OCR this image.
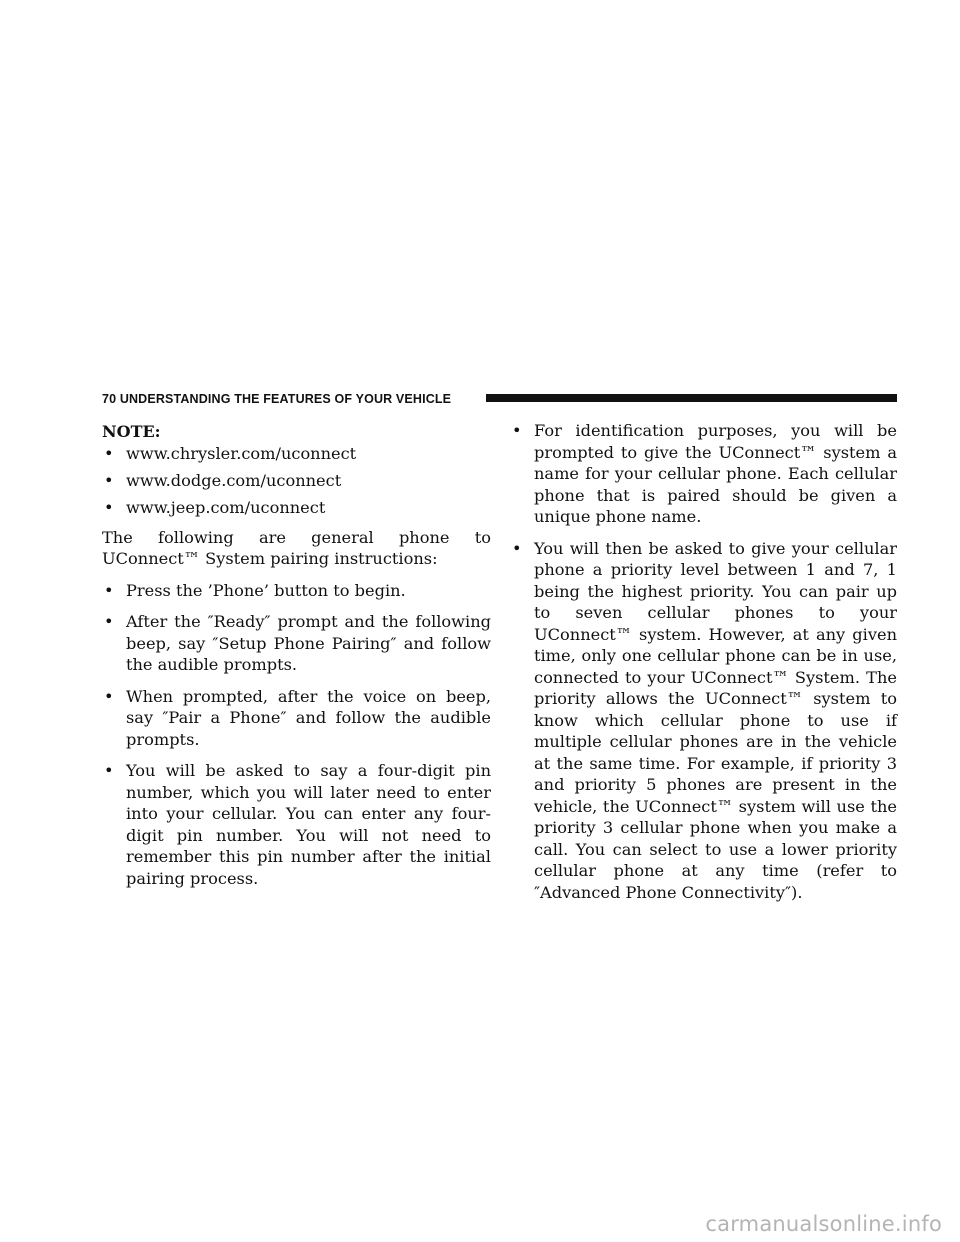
70 UNDERSTANDING THE FEATURES OF YOUR VEHICLE
NOTE:
• www.chrysler.com/uconnect
• www.dodge.com/uconnect
• www.jeep.com/uconnect

The following are general phone to UConnect™ System pairing instructions:

• Press the ’Phone’ button to begin.
• After the ″Ready″ prompt and the following beep, say ″Setup Phone Pairing″ and follow the audible prompts.
• When prompted, after the voice on beep, say ″Pair a Phone″ and follow the audible prompts.
• You will be asked to say a four-digit pin number, which you will later need to enter into your cellular. You can enter any four-digit pin number. You will not need to remember this pin number after the initial pairing process.
• For identification purposes, you will be prompted to give the UConnect™ system a name for your cellular phone. Each cellular phone that is paired should be given a unique phone name.
• You will then be asked to give your cellular phone a priority level between 1 and 7, 1 being the highest priority. You can pair up to seven cellular phones to your UConnect™ system. However, at any given time, only one cellular phone can be in use, connected to your UConnect™ System. The priority allows the UConnect™ system to know which cellular phone to use if multiple cellular phones are in the vehicle at the same time. For example, if priority 3 and priority 5 phones are present in the vehicle, the UConnect™ system will use the priority 3 cellular phone when you make a call. You can select to use a lower priority cellular phone at any time (refer to ″Advanced Phone Connectivity″).
carmanualsonline.info
